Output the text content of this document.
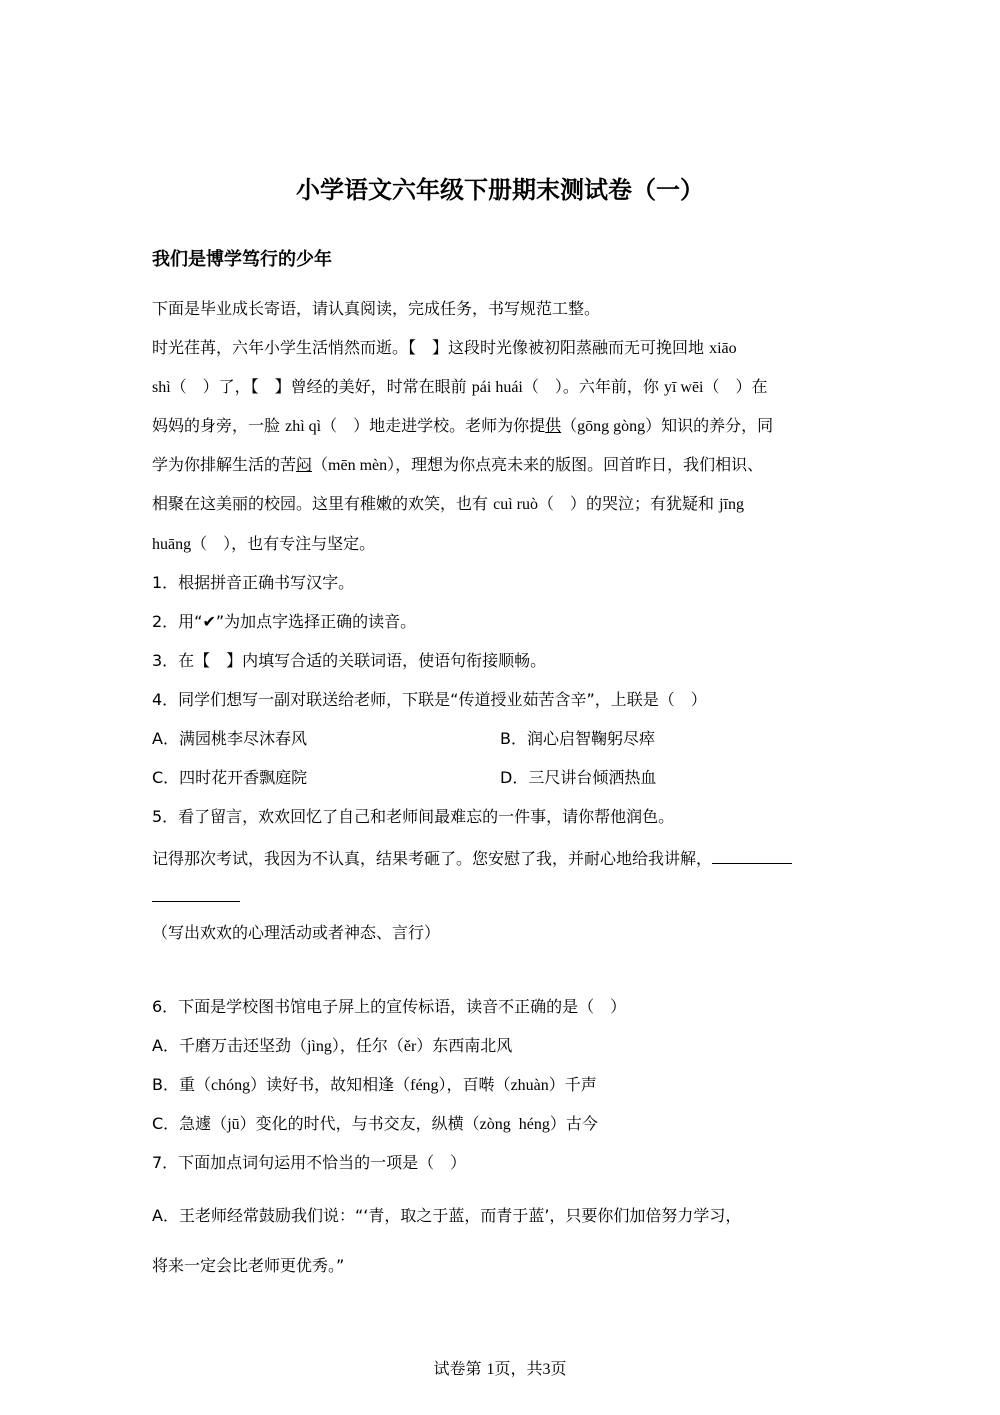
小学语文六年级下册期末测试卷（一）
我们是博学笃行的少年
下面是毕业成长寄语，请认真阅读，完成任务，书写规范工整。
时光荏苒，六年小学生活悄然而逝。【　】这段时光像被初阳蒸融而无可挽回地 xiāo
shì（　）了，【　】曾经的美好，时常在眼前 pái huái（　）。六年前，你 yī wēi（　）在
妈妈的身旁，一脸 zhì qì（　）地走进学校。老师为你提供（gōng gòng）知识的养分，同
学为你排解生活的苦闷（mēn mèn），理想为你点亮未来的版图。回首昨日，我们相识、
相聚在这美丽的校园。这里有稚嫩的欢笑，也有 cuì ruò（　）的哭泣；有犹疑和 jīng
huāng（　），也有专注与坚定。
1．根据拼音正确书写汉字。
2．用“✔”为加点字选择正确的读音。
3．在【　】内填写合适的关联词语，使语句衔接顺畅。
4．同学们想写一副对联送给老师，下联是“传道授业茹苦含辛”，上联是（　）
A．满园桃李尽沐春风	B．润心启智鞠躬尽瘁
C．四时花开香飘庭院	D．三尺讲台倾洒热血
5．看了留言，欢欢回忆了自己和老师间最难忘的一件事，请你帮他润色。
记得那次考试，我因为不认真，结果考砸了。您安慰了我，并耐心地给我讲解，
（写出欢欢的心理活动或者神态、言行）
6．下面是学校图书馆电子屏上的宣传标语，读音不正确的是（　）
A．千磨万击还坚劲（jìng），任尔（ěr）东西南北风
B．重（chóng）读好书，故知相逢（féng），百啭（zhuàn）千声
C．急遽（jū）变化的时代，与书交友，纵横（zòng  héng）古今
7．下面加点词句运用不恰当的一项是（　）
A．王老师经常鼓励我们说：“‘青，取之于蓝，而青于蓝’，只要你们加倍努力学习，
将来一定会比老师更优秀。”
试卷第 1页，共3页
